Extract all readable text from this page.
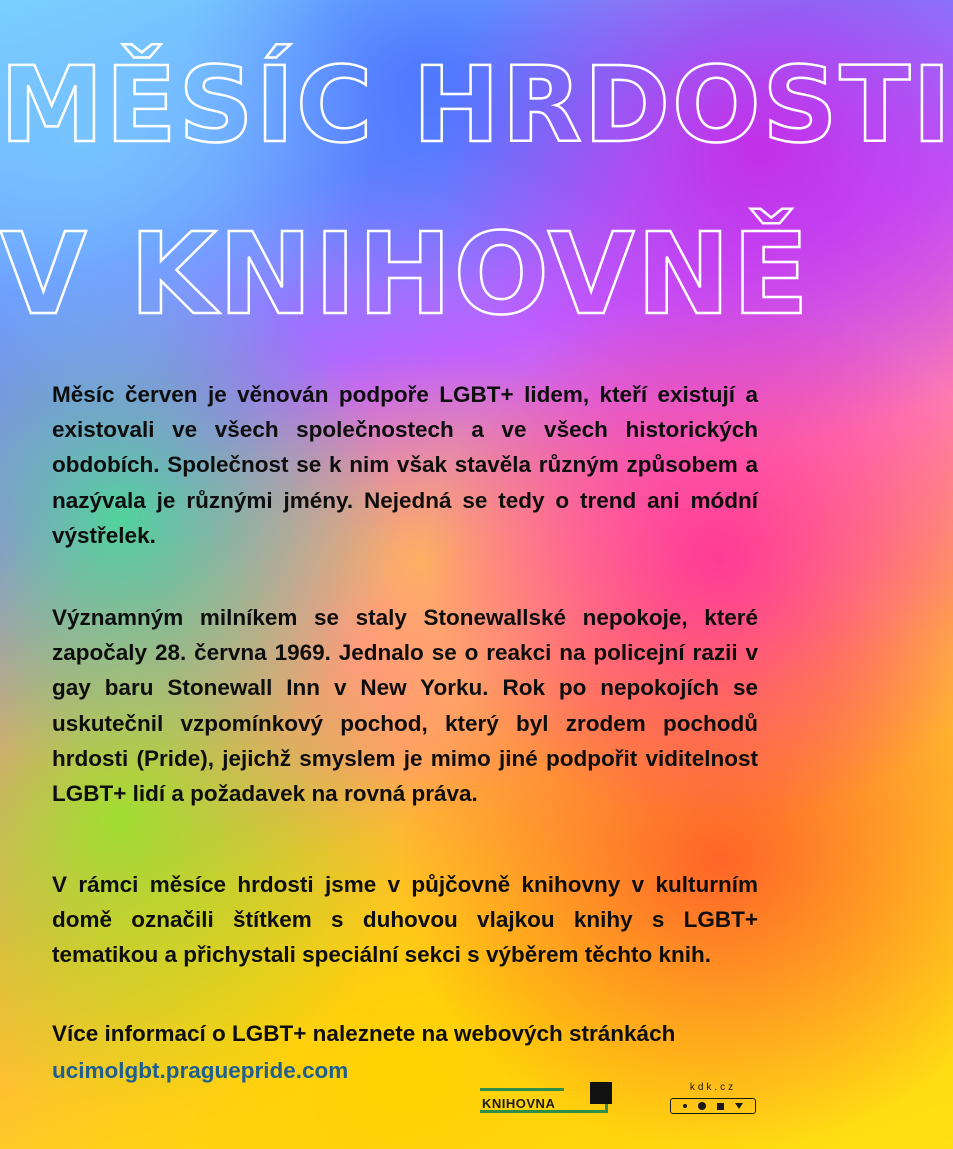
MĚSÍC HRDOSTI
V KNIHOVNĚ
Měsíc červen je věnován podpoře LGBT+ lidem, kteří existují a existovali ve všech společnostech a ve všech historických obdobích. Společnost se k nim však stavěla různým způsobem a nazývala je různými jmény. Nejedná se tedy o trend ani módní výstřelek.
Významným milníkem se staly Stonewallské nepokoje, které započaly 28. června 1969. Jednalo se o reakci na policejní razii v gay baru Stonewall Inn v New Yorku. Rok po nepokojích se uskutečnil vzpomínkový pochod, který byl zrodem pochodů hrdosti (Pride), jejichž smyslem je mimo jiné podpořit viditelnost LGBT+ lidí a požadavek na rovná práva.
V rámci měsíce hrdosti jsme v půjčovně knihovny v kulturním domě označili štítkem s duhovou vlajkou knihy s LGBT+ tematikou a přichystali speciální sekci s výběrem těchto knih.
Více informací o LGBT+ naleznete na webových stránkách
ucimolgbt.praguepride.com
KNIHOVNA
kdk.cz
